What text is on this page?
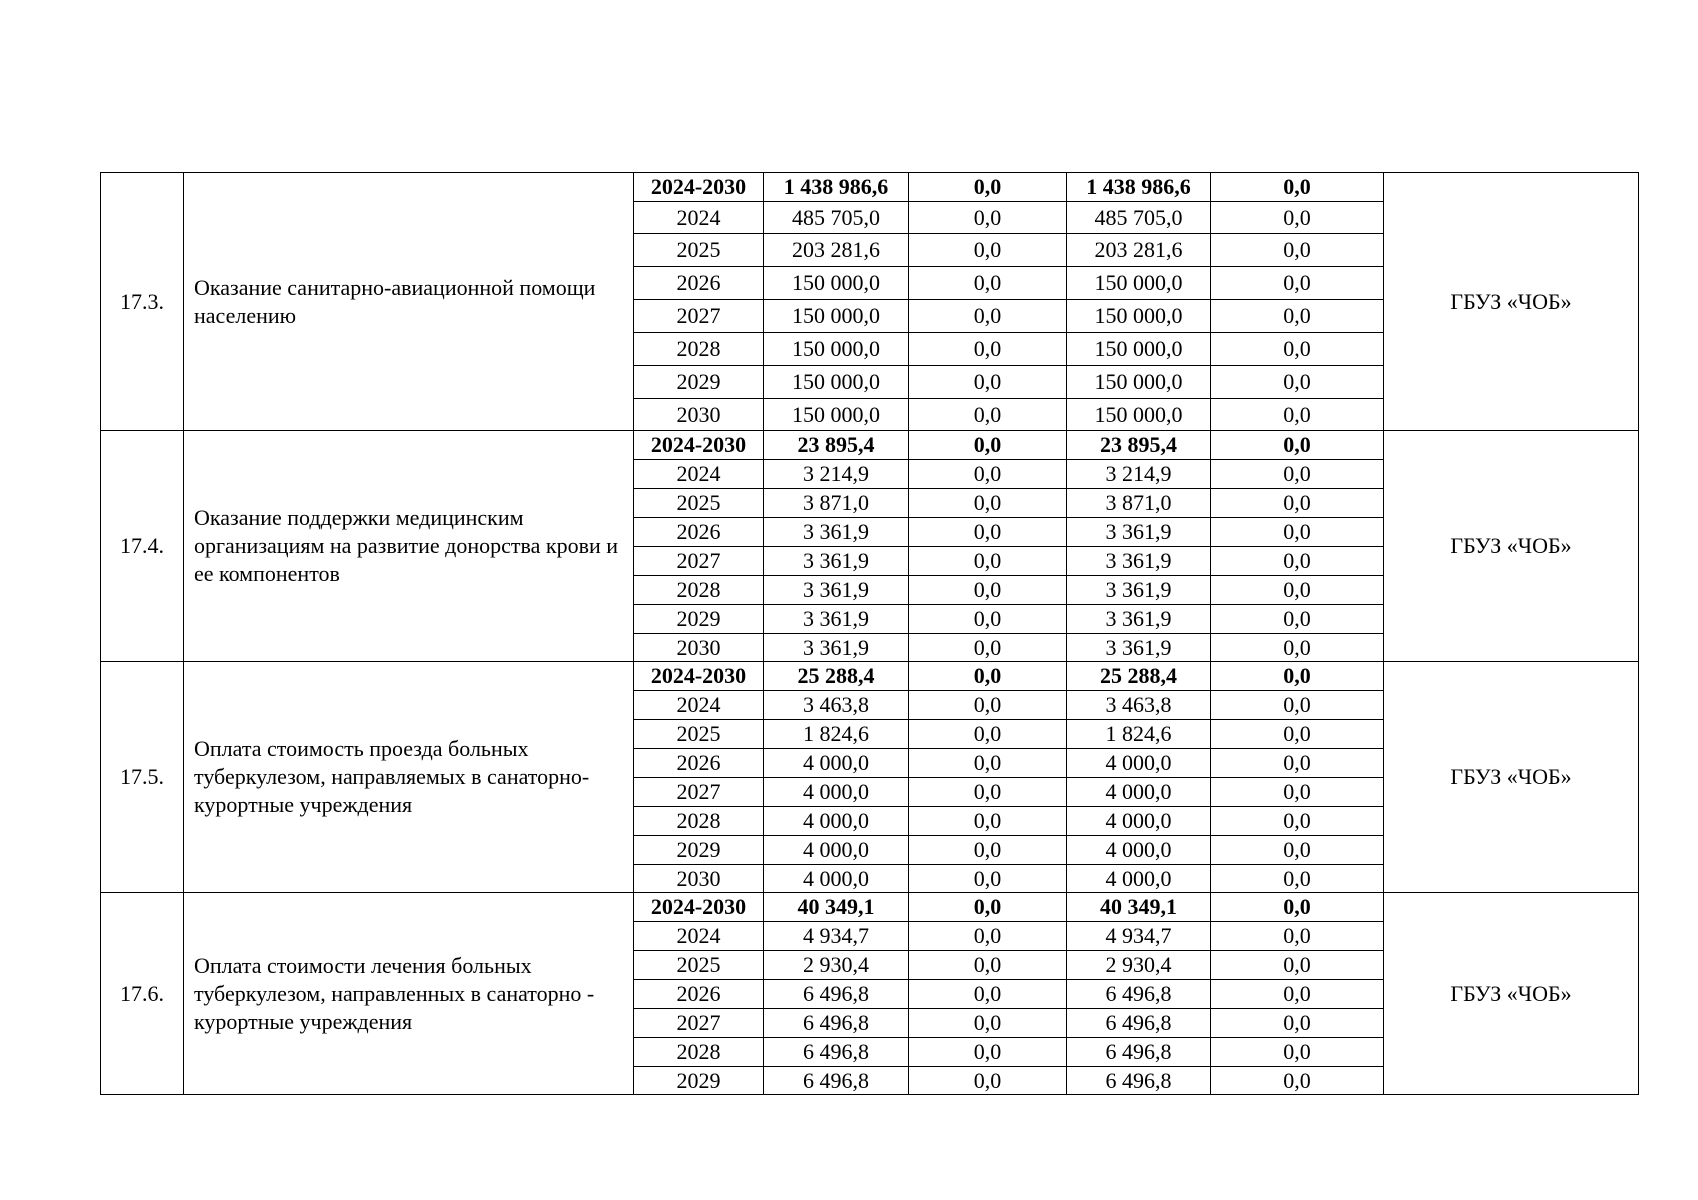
17.3.	Оказание санитарно-авиационной помощи населению	2024-2030	1 438 986,6	0,0	1 438 986,6	0,0	ГБУЗ «ЧОБ»
		2024	485 705,0	0,0	485 705,0	0,0	
		2025	203 281,6	0,0	203 281,6	0,0	
		2026	150 000,0	0,0	150 000,0	0,0	
		2027	150 000,0	0,0	150 000,0	0,0	
		2028	150 000,0	0,0	150 000,0	0,0	
		2029	150 000,0	0,0	150 000,0	0,0	
		2030	150 000,0	0,0	150 000,0	0,0	
17.4.	Оказание поддержки медицинским организациям на развитие донорства крови и ее компонентов	2024-2030	23 895,4	0,0	23 895,4	0,0	ГБУЗ «ЧОБ»
		2024	3 214,9	0,0	3 214,9	0,0	
		2025	3 871,0	0,0	3 871,0	0,0	
		2026	3 361,9	0,0	3 361,9	0,0	
		2027	3 361,9	0,0	3 361,9	0,0	
		2028	3 361,9	0,0	3 361,9	0,0	
		2029	3 361,9	0,0	3 361,9	0,0	
		2030	3 361,9	0,0	3 361,9	0,0	
17.5.	Оплата стоимость проезда больных туберкулезом, направляемых в санаторно-курортные учреждения	2024-2030	25 288,4	0,0	25 288,4	0,0	ГБУЗ «ЧОБ»
		2024	3 463,8	0,0	3 463,8	0,0	
		2025	1 824,6	0,0	1 824,6	0,0	
		2026	4 000,0	0,0	4 000,0	0,0	
		2027	4 000,0	0,0	4 000,0	0,0	
		2028	4 000,0	0,0	4 000,0	0,0	
		2029	4 000,0	0,0	4 000,0	0,0	
		2030	4 000,0	0,0	4 000,0	0,0	
17.6.	Оплата стоимости лечения больных туберкулезом, направленных в санаторно - курортные учреждения	2024-2030	40 349,1	0,0	40 349,1	0,0	ГБУЗ «ЧОБ»
		2024	4 934,7	0,0	4 934,7	0,0	
		2025	2 930,4	0,0	2 930,4	0,0	
		2026	6 496,8	0,0	6 496,8	0,0	
		2027	6 496,8	0,0	6 496,8	0,0	
		2028	6 496,8	0,0	6 496,8	0,0	
		2029	6 496,8	0,0	6 496,8	0,0	
